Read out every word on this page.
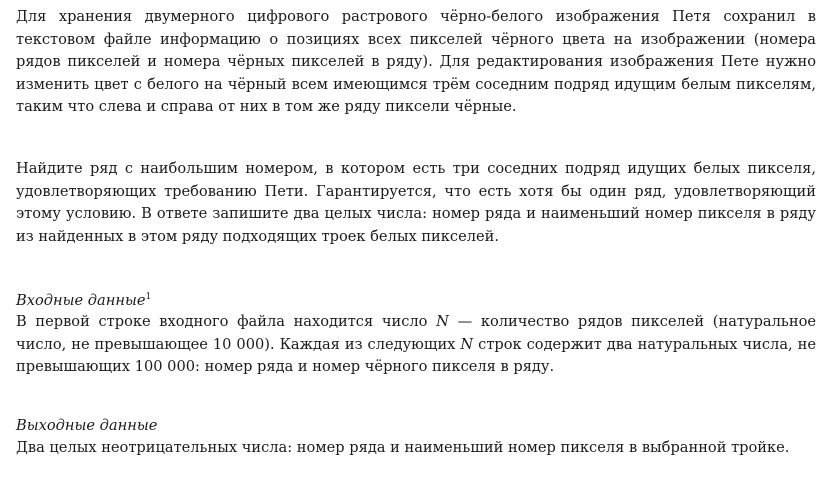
Для хранения двумерного цифрового растрового чёрно-белого изображения Петя сохранил в текстовом файле информацию о позициях всех пикселей чёрного цвета на изображении (номера рядов пикселей и номера чёрных пикселей в ряду). Для редактирования изображения Пете нужно изменить цвет с белого на чёрный всем имеющимся трём соседним подряд идущим белым пикселям, таким что слева и справа от них в том же ряду пиксели чёрные.

Найдите ряд с наибольшим номером, в котором есть три соседних подряд идущих белых пикселя, удовлетворяющих требованию Пети. Гарантируется, что есть хотя бы один ряд, удовлетворяющий этому условию. В ответе запишите два целых числа: номер ряда и наименьший номер пикселя в ряду из найденных в этом ряду подходящих троек белых пикселей.

Входные данные$^1$

В первой строке входного файла находится число N — количество рядов пикселей (натуральное число, не превышающее 10 000). Каждая из следующих N строк содержит два натуральных числа, не превышающих 100 000: номер ряда и номер чёрного пикселя в ряду.

Выходные данные

Два целых неотрицательных числа: номер ряда и наименьший номер пикселя в выбранной тройке.
